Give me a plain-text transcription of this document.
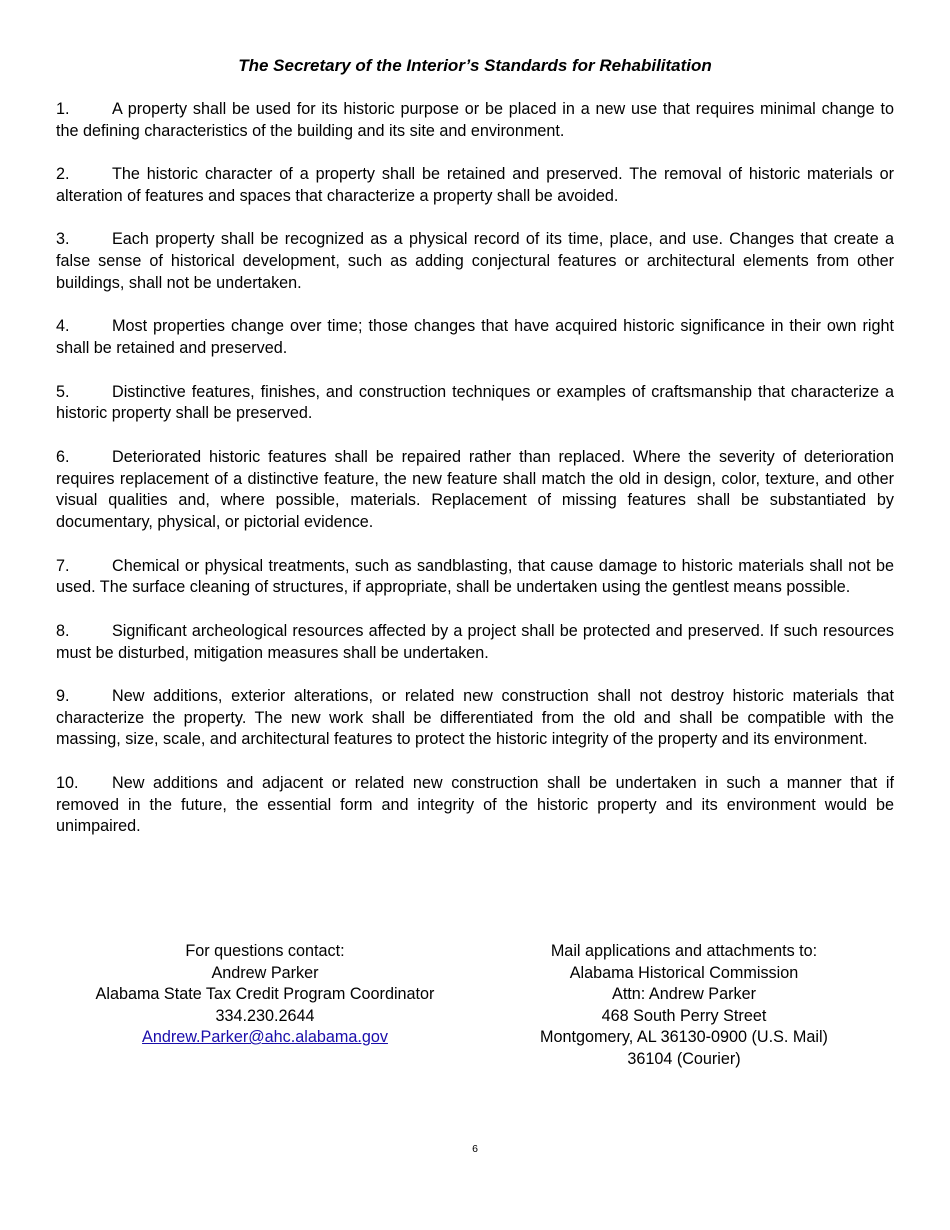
The Secretary of the Interior’s Standards for Rehabilitation
1.	A property shall be used for its historic purpose or be placed in a new use that requires minimal change to the defining characteristics of the building and its site and environment.
2.	The historic character of a property shall be retained and preserved. The removal of historic materials or alteration of features and spaces that characterize a property shall be avoided.
3.	Each property shall be recognized as a physical record of its time, place, and use. Changes that create a false sense of historical development, such as adding conjectural features or architectural elements from other buildings, shall not be undertaken.
4.	Most properties change over time; those changes that have acquired historic significance in their own right shall be retained and preserved.
5.	Distinctive features, finishes, and construction techniques or examples of craftsmanship that characterize a historic property shall be preserved.
6.	Deteriorated historic features shall be repaired rather than replaced. Where the severity of deterioration requires replacement of a distinctive feature, the new feature shall match the old in design, color, texture, and other visual qualities and, where possible, materials. Replacement of missing features shall be substantiated by documentary, physical, or pictorial evidence.
7.	Chemical or physical treatments, such as sandblasting, that cause damage to historic materials shall not be used. The surface cleaning of structures, if appropriate, shall be undertaken using the gentlest means possible.
8.	Significant archeological resources affected by a project shall be protected and preserved. If such resources must be disturbed, mitigation measures shall be undertaken.
9.	New additions, exterior alterations, or related new construction shall not destroy historic materials that characterize the property. The new work shall be differentiated from the old and shall be compatible with the massing, size, scale, and architectural features to protect the historic integrity of the property and its environment.
10. New additions and adjacent or related new construction shall be undertaken in such a manner that if removed in the future, the essential form and integrity of the historic property and its environment would be unimpaired.
For questions contact:
Andrew Parker
Alabama State Tax Credit Program Coordinator
334.230.2644
Andrew.Parker@ahc.alabama.gov
Mail applications and attachments to:
Alabama Historical Commission
Attn: Andrew Parker
468 South Perry Street
Montgomery, AL 36130-0900 (U.S. Mail)
36104 (Courier)
6
